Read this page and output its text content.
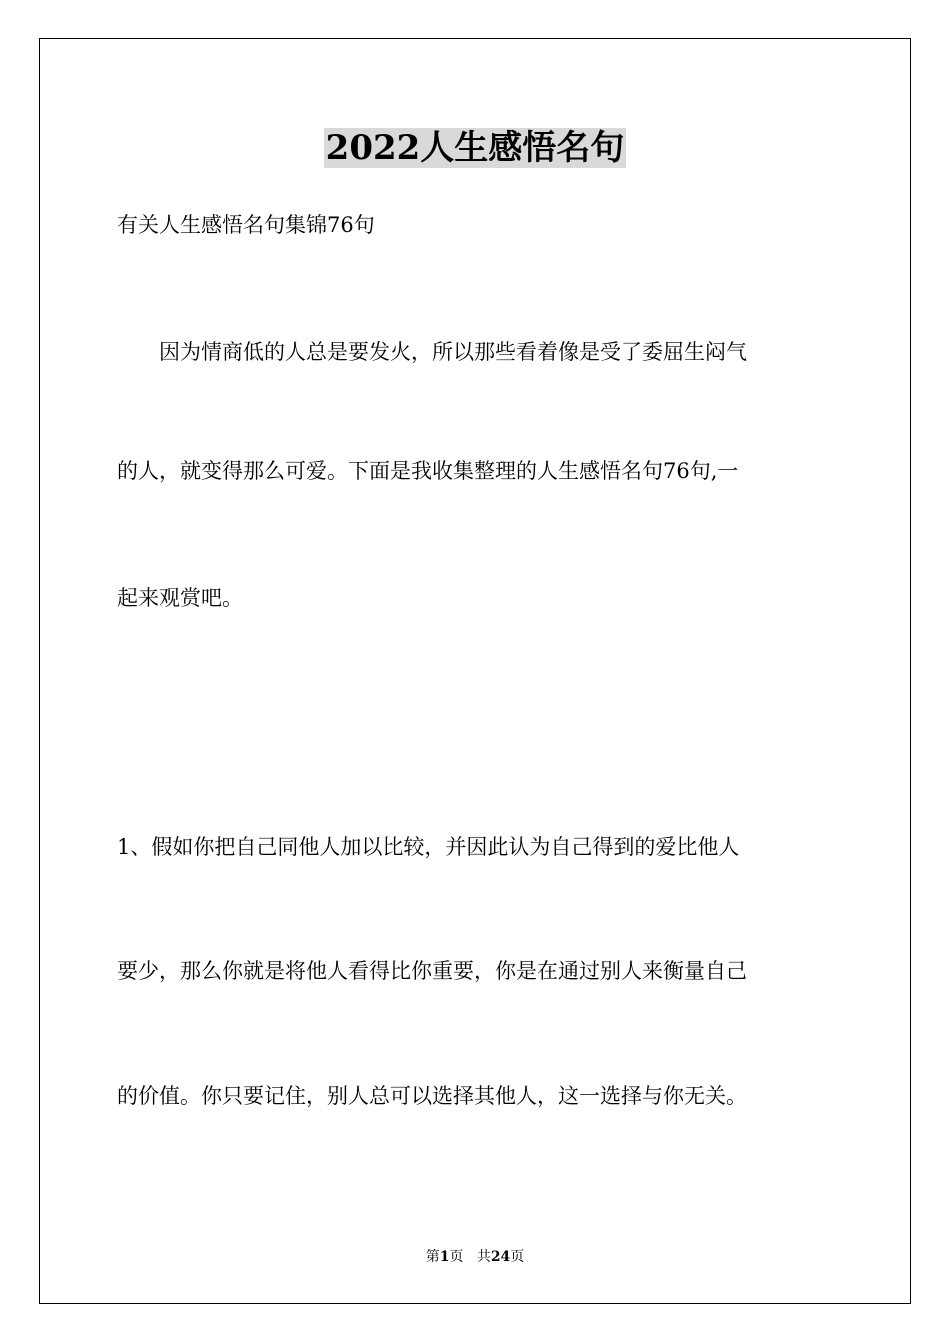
2022人生感悟名句
有关人生感悟名句集锦76句
　　因为情商低的人总是要发火，所以那些看着像是受了委屈生闷气
的人，就变得那么可爱。下面是我收集整理的人生感悟名句76句,一
起来观赏吧。
1、假如你把自己同他人加以比较，并因此认为自己得到的爱比他人
要少，那么你就是将他人看得比你重要，你是在通过别人来衡量自己
的价值。你只要记住，别人总可以选择其他人，这一选择与你无关。
第1页 共24页
